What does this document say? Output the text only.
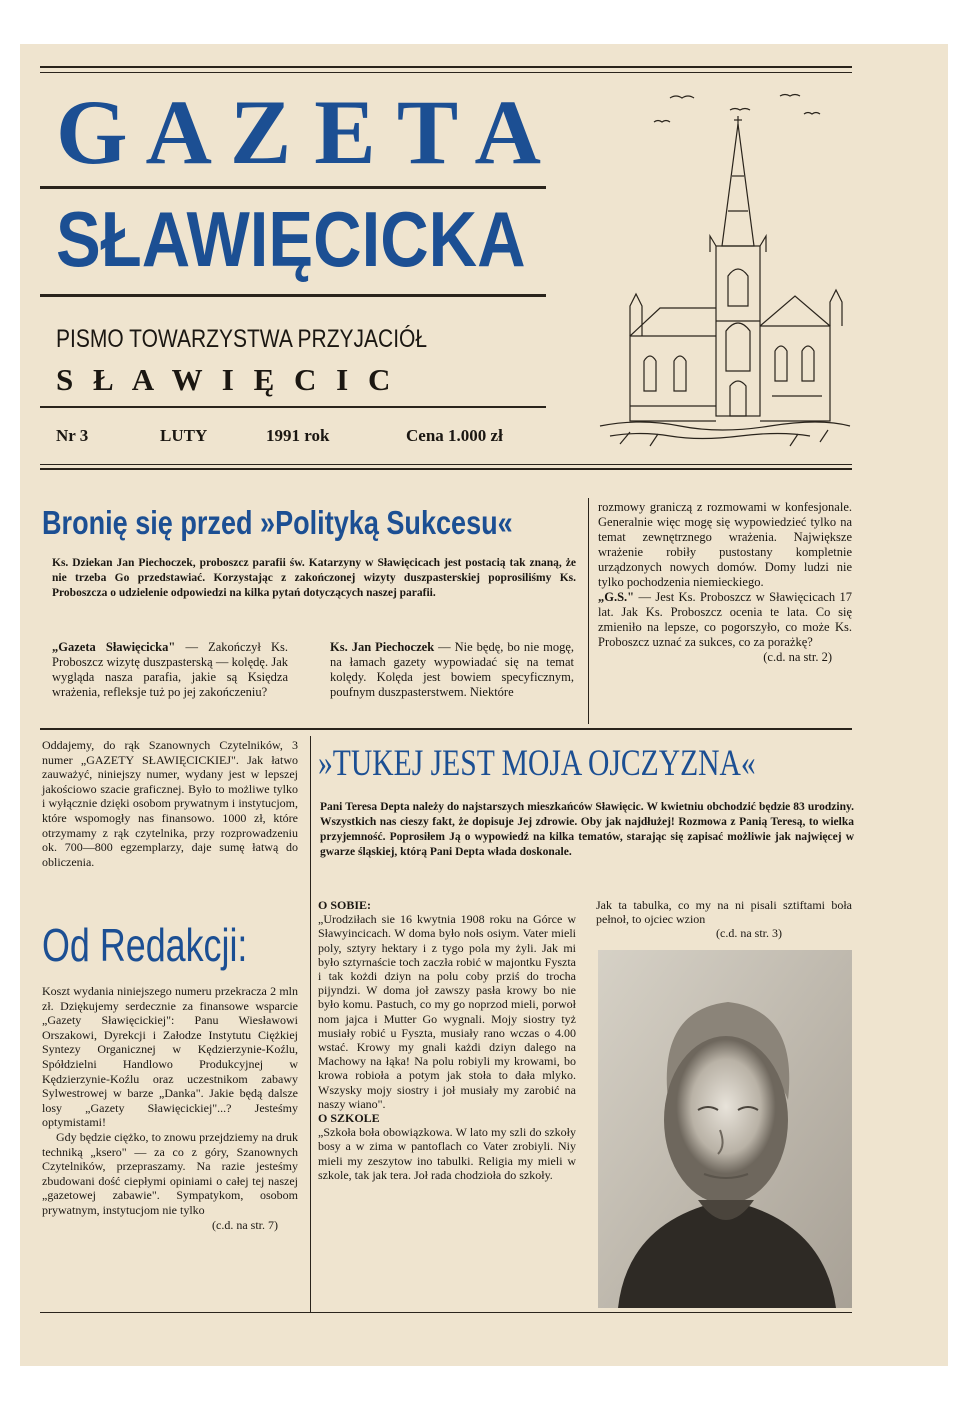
G A Z E T A
SŁAWIĘCICKA
PISMO TOWARZYSTWA PRZYJACIÓŁ
S Ł A W I Ę C I C
Nr 3	LUTY	1991 rok	Cena 1.000 zł
Bronię się przed »Polityką Sukcesu«
Ks. Dziekan Jan Piechoczek, proboszcz parafii św. Katarzyny w Sławięcicach jest postacią tak znaną, że nie trzeba Go przedstawiać. Korzystając z zakończonej wizyty duszpasterskiej poprosiliśmy Ks. Proboszcza o udzielenie odpowiedzi na kilka pytań dotyczących naszej parafii.

„Gazeta Sławięcicka" — Zakończył Ks. Proboszcz wizytę duszpasterską — kolędę. Jak wygląda nasza parafia, jakie są Księdza wrażenia, refleksje tuż po jej zakończeniu?

Ks. Jan Piechoczek — Nie będę, bo nie mogę, na łamach gazety wypowiadać się na temat kolędy. Kolęda jest bowiem specyficznym, poufnym duszpasterstwem. Niektóre

rozmowy graniczą z rozmowami w konfesjonale. Generalnie więc mogę się wypowiedzieć tylko na temat zewnętrznego wrażenia. Największe wrażenie robiły pustostany kompletnie urządzonych nowych domów. Domy ludzi nie tylko pochodzenia niemieckiego.

„G.S." — Jest Ks. Proboszcz w Sławięcicach 17 lat. Jak Ks. Proboszcz ocenia te lata. Co się zmieniło na lepsze, co pogorszyło, co może Ks. Proboszcz uznać za sukces, co za porażkę?

(c.d. na str. 2)

Oddajemy, do rąk Szanownych Czytelników, 3 numer „GAZETY SŁAWIĘCICKIEJ". Jak łatwo zauważyć, niniejszy numer, wydany jest w lepszej jakościowo szacie graficznej. Było to możliwe tylko i wyłącznie dzięki osobom prywatnym i instytucjom, które wspomogły nas finansowo. 1000 zł, które otrzymamy z rąk czytelnika, przy rozprowadzeniu ok. 700—800 egzemplarzy, daje sumę łatwą do obliczenia.
Od Redakcji:

Koszt wydania niniejszego numeru przekracza 2 mln zł. Dziękujemy serdecznie za finansowe wsparcie „Gazety Sławięcickiej": Panu Wiesławowi Orszakowi, Dyrekcji i Załodze Instytutu Ciężkiej Syntezy Organicznej w Kędzierzynie-Koźlu, Spółdzielni Handlowo Produkcyjnej w Kędzierzynie-Koźlu oraz uczestnikom zabawy Sylwestrowej w barze „Danka". Jakie będą dalsze losy „Gazety Sławięcickiej"...? Jesteśmy optymistami!

Gdy będzie ciężko, to znowu przejdziemy na druk techniką „ksero" — za co z góry, Szanownych Czytelników, przepraszamy. Na razie jesteśmy zbudowani dość ciepłymi opiniami o całej tej naszej „gazetowej zabawie". Sympatykom, osobom prywatnym, instytucjom nie tylko

(c.d. na str. 7)

»TUKEJ JEST MOJA OJCZYZNA«
Pani Teresa Depta należy do najstarszych mieszkańców Sławięcic. W kwietniu obchodzić będzie 83 urodziny. Wszystkich nas cieszy fakt, że dopisuje Jej zdrowie. Oby jak najdłużej! Rozmowa z Panią Teresą, to wielka przyjemność. Poprosiłem Ją o wypowiedź na kilka tematów, starając się zapisać możliwie jak najwięcej w gwarze śląskiej, którą Pani Depta włada doskonale.

O SOBIE:

„Urodziłach sie 16 kwytnia 1908 roku na Górce w Sławyincicach. W doma było nołs osiym. Vater mieli poly, sztyry hektary i z tygo pola my żyli. Jak mi było sztyrnaście toch zaczła robić w majontku Fyszta i tak kożdi dziyn na polu coby prziś do trocha pijyndzi. W doma joł zawszy pasła krowy bo nie było komu. Pastuch, co my go noprzod mieli, porwoł nom jajca i Mutter Go wygnali. Mojy siostry tyż musiały robić u Fyszta, musiały rano wczas o 4.00 wstać. Krowy my gnali każdi dziyn dalego na Machowy na łąka! Na polu robiyli my krowami, bo krowa robioła a potym jak stoła to dała mlyko. Wszysky mojy siostry i joł musiały my zarobić na naszy wiano".

O SZKOLE

„Szkoła boła obowiązkowa. W lato my szli do szkoły bosy a w zima w pantoflach co Vater zrobiyli. Niy mieli my zeszytow ino tabulki. Religia my mieli w szkole, tak jak tera. Joł rada chodzioła do szkoły.

Jak ta tabulka, co my na ni pisali sztiftami boła pełnoł, to ojciec wzion

(c.d. na str. 3)
